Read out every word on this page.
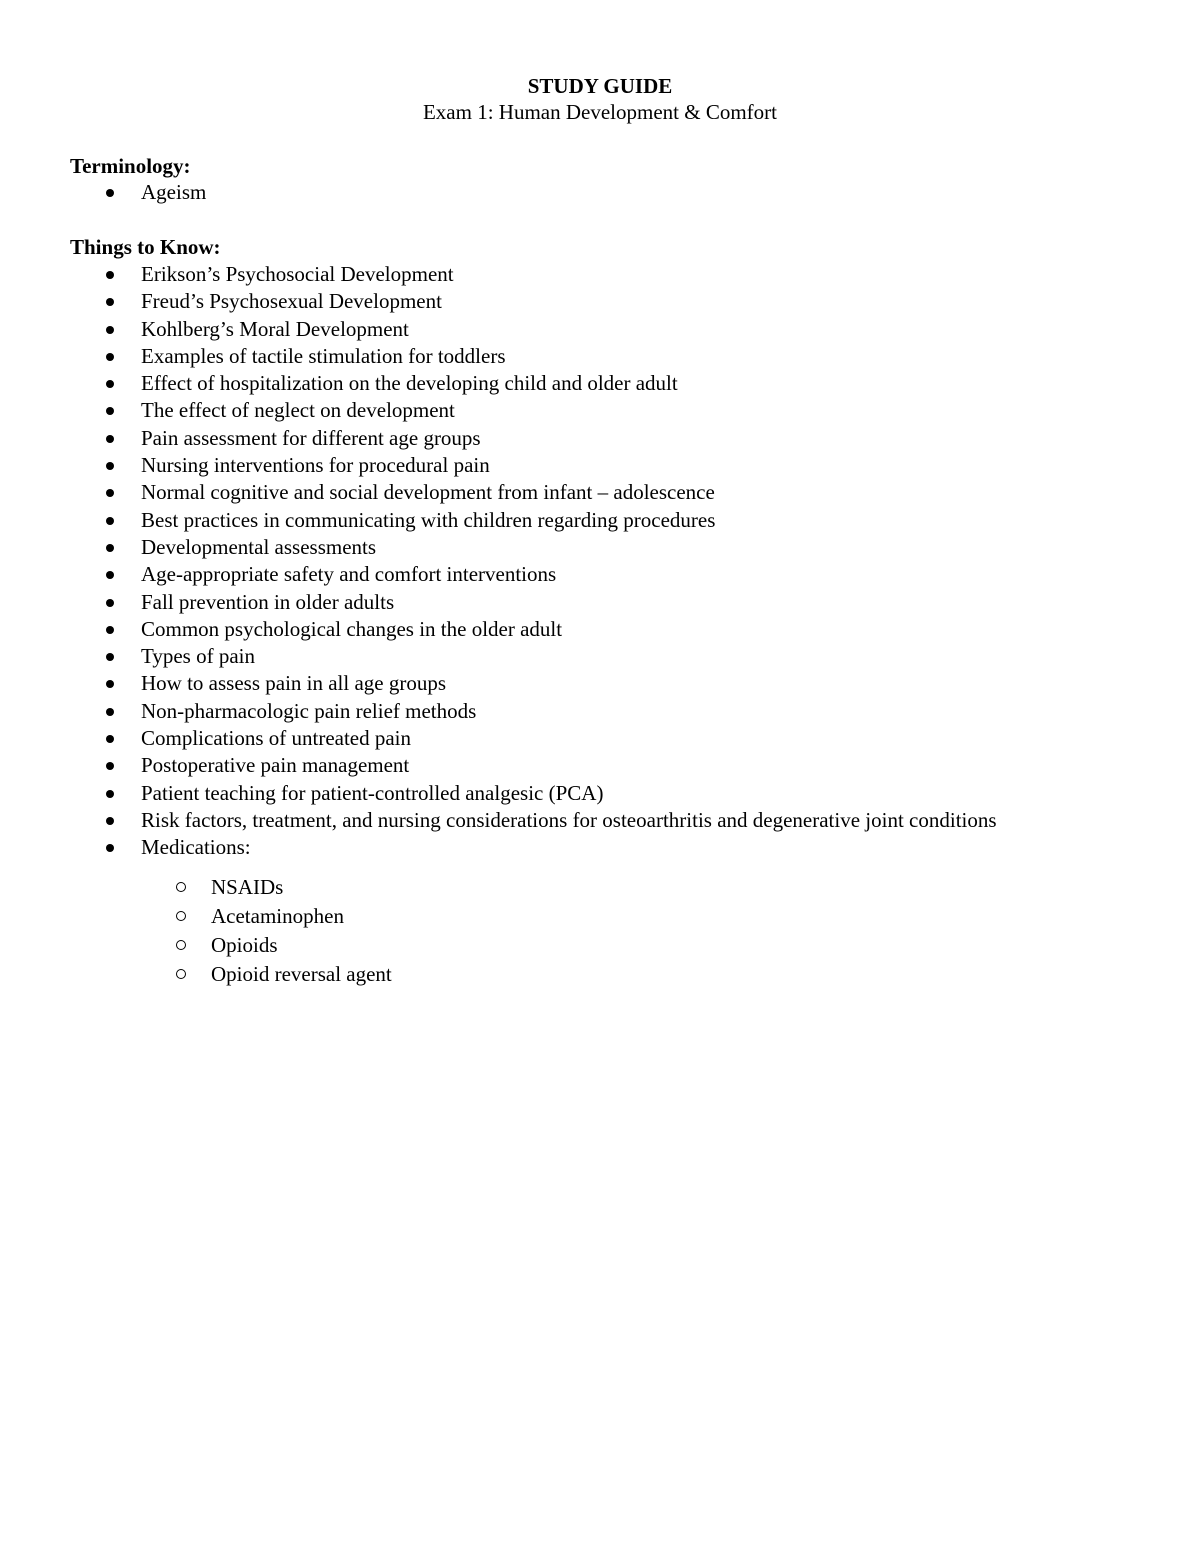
STUDY GUIDE
Exam 1: Human Development & Comfort
Terminology:
Ageism
Things to Know:
Erikson’s Psychosocial Development
Freud’s Psychosexual Development
Kohlberg’s Moral Development
Examples of tactile stimulation for toddlers
Effect of hospitalization on the developing child and older adult
The effect of neglect on development
Pain assessment for different age groups
Nursing interventions for procedural pain
Normal cognitive and social development from infant – adolescence
Best practices in communicating with children regarding procedures
Developmental assessments
Age-appropriate safety and comfort interventions
Fall prevention in older adults
Common psychological changes in the older adult
Types of pain
How to assess pain in all age groups
Non-pharmacologic pain relief methods
Complications of untreated pain
Postoperative pain management
Patient teaching for patient-controlled analgesic (PCA)
Risk factors, treatment, and nursing considerations for osteoarthritis and degenerative joint conditions
Medications:
NSAIDs
Acetaminophen
Opioids
Opioid reversal agent
